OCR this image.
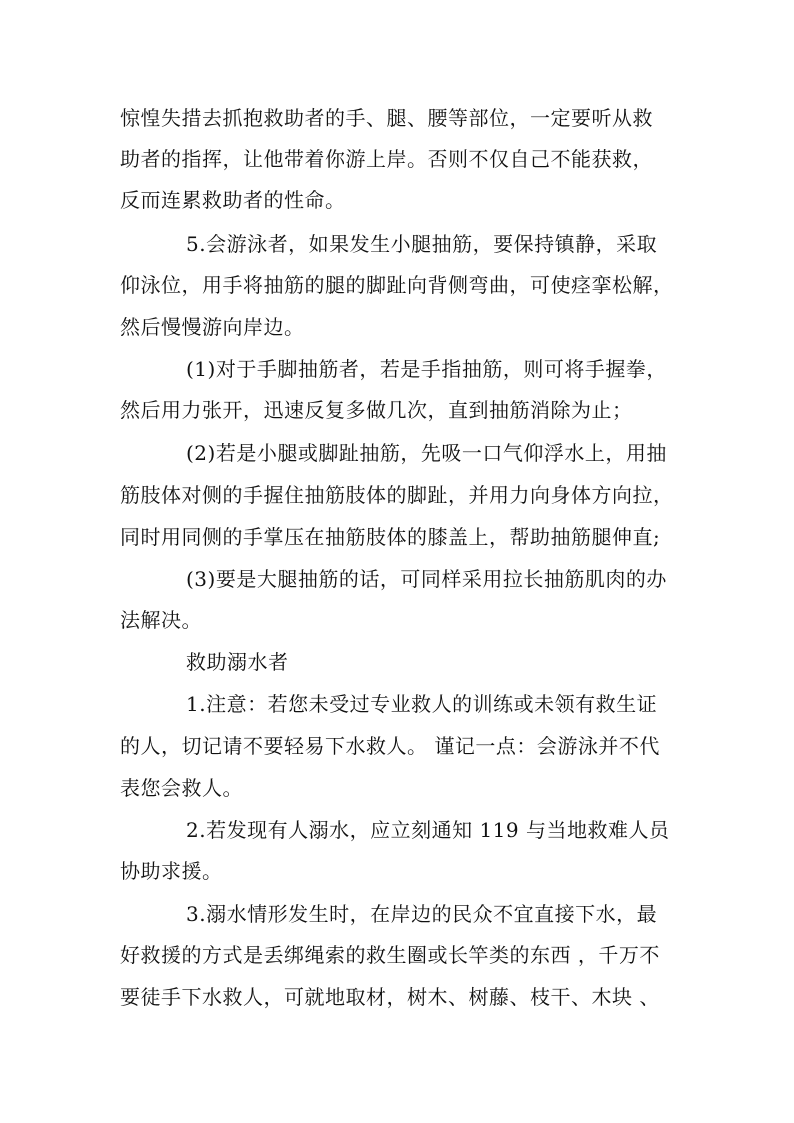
惊惶失措去抓抱救助者的手、腿、腰等部位，一定要听从救
助者的指挥，让他带着你游上岸。否则不仅自己不能获救，
反而连累救助者的性命。
5.会游泳者，如果发生小腿抽筋，要保持镇静，采取
仰泳位，用手将抽筋的腿的脚趾向背侧弯曲，可使痉挛松解，
然后慢慢游向岸边。
(1)对于手脚抽筋者，若是手指抽筋，则可将手握拳，
然后用力张开，迅速反复多做几次，直到抽筋消除为止；
(2)若是小腿或脚趾抽筋，先吸一口气仰浮水上，用抽
筋肢体对侧的手握住抽筋肢体的脚趾，并用力向身体方向拉，
同时用同侧的手掌压在抽筋肢体的膝盖上，帮助抽筋腿伸直;
(3)要是大腿抽筋的话，可同样采用拉长抽筋肌肉的办
法解决。
救助溺水者
1.注意：若您未受过专业救人的训练或未领有救生证
的人，切记请不要轻易下水救人。 谨记一点：会游泳并不代
表您会救人。
2.若发现有人溺水，应立刻通知 119 与当地救难人员
协助求援。
3.溺水情形发生时，在岸边的民众不宜直接下水，最
好救援的方式是丢绑绳索的救生圈或长竿类的东西 ，千万不
要徒手下水救人，可就地取材，树木、树藤、枝干、木块 、
